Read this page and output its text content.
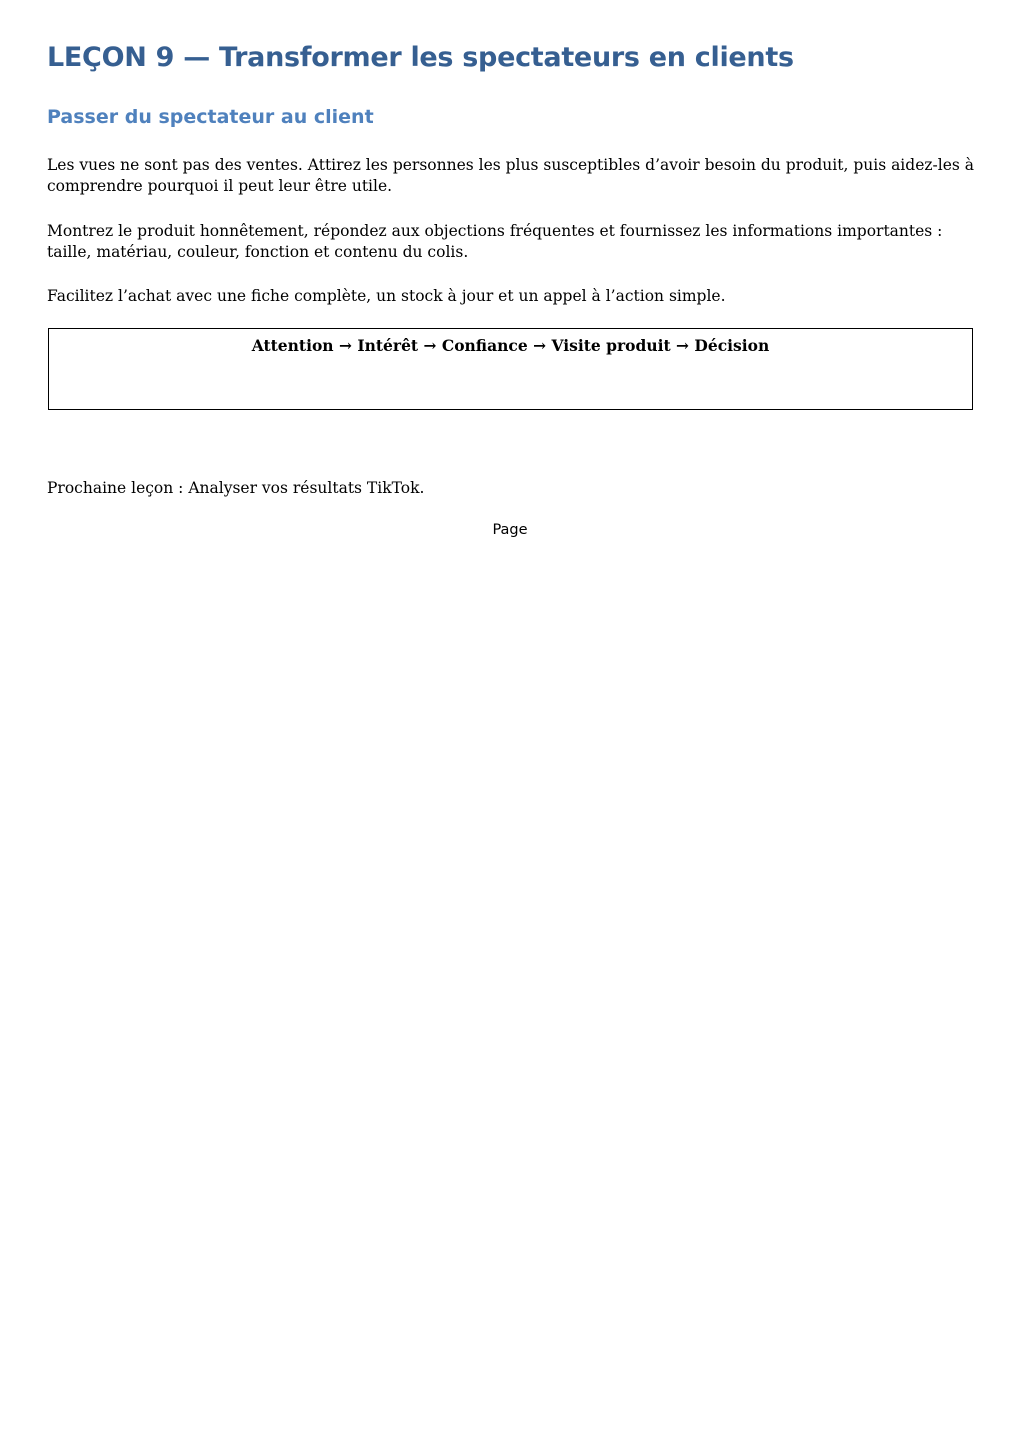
LEÇON 9 — Transformer les spectateurs en clients
Passer du spectateur au client

Les vues ne sont pas des ventes. Attirez les personnes les plus susceptibles d’avoir besoin du produit, puis aidez-les à comprendre pourquoi il peut leur être utile.

Montrez le produit honnêtement, répondez aux objections fréquentes et fournissez les informations importantes : taille, matériau, couleur, fonction et contenu du colis.

Facilitez l’achat avec une fiche complète, un stock à jour et un appel à l’action simple.

Attention → Intérêt → Confiance → Visite produit → Décision

Prochaine leçon : Analyser vos résultats TikTok.

Page
